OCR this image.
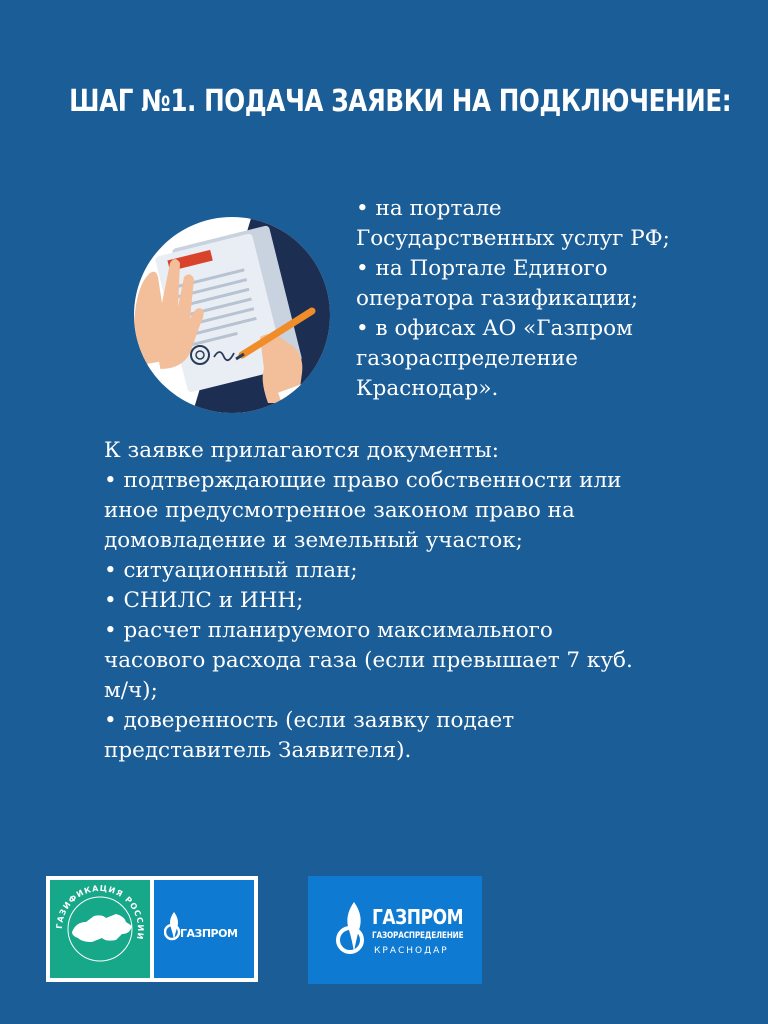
ШАГ №1. ПОДАЧА ЗАЯВКИ НА ПОДКЛЮЧЕНИЕ:
• на портале
Государственных услуг РФ;
• на Портале Единого
оператора газификации;
• в офисах АО «Газпром
газораспределение
Краснодар».
К заявке прилагаются документы:
• подтверждающие право собственности или
иное предусмотренное законом право на
домовладение и земельный участок;
• ситуационный план;
• СНИЛС и ИНН;
• расчет планируемого максимального
часового расхода газа (если превышает 7 куб.
м/ч);
• доверенность (если заявку подает
представитель Заявителя).
ГАЗИФИКАЦИЯ РОССИИ	ГАЗПРОМ
ГАЗПРОМ
ГАЗОРАСПРЕДЕЛЕНИЕ
КРАСНОДАР
